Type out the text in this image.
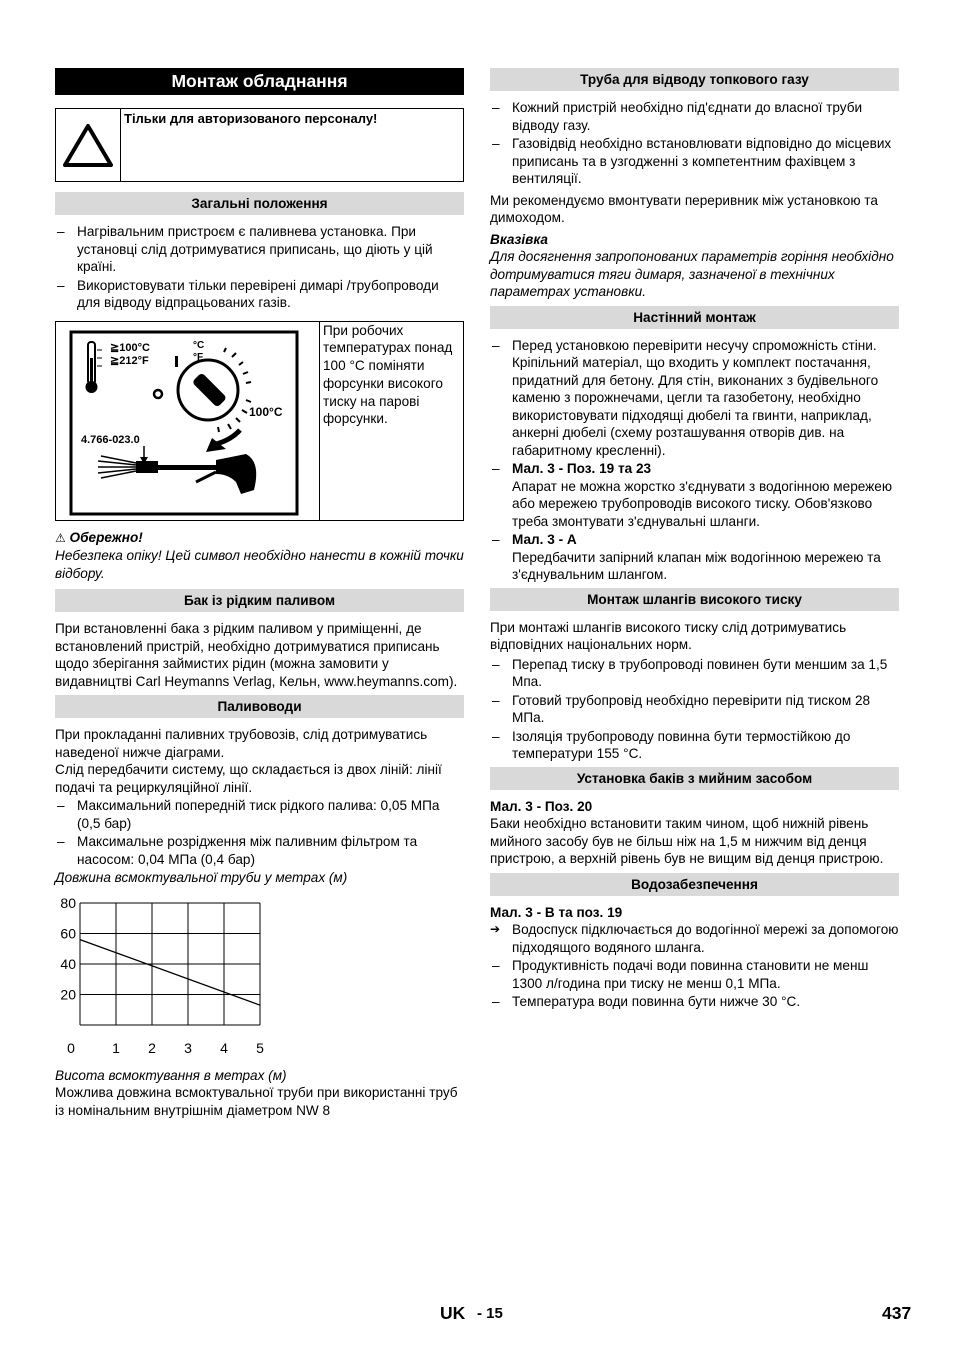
Монтаж обладнання
Тільки для авторизованого персоналу!
Загальні положення
– Нагрівальним пристроєм є паливнева установка. При установці слід дотримуватися приписань, що діють у цій країні.
– Використовувати тільки перевірені димарі /трубопроводи для відводу відпрацьованих газів.
≧100°C
≧212°F
°C
°F
100°C
4.766-023.0
При робочих температурах понад 100 °C поміняти форсунки високого тиску на парові форсунки.

⚠ Обережно!

Небезпека опіку! Цей символ необхідно нанести в кожній точки відбору.

Бак із рідким паливом

При встановленні бака з рідким паливом у приміщенні, де встановлений пристрій, необхідно дотримуватися приписань щодо зберігання займистих рідин (можна замовити у видавництві Carl Heymanns Verlag, Кельн, www.heymanns.com).

Паливоводи

При прокладанні паливних трубовозів, слід дотримуватись наведеної нижче діаграми.

Слід передбачити систему, що складається із двох ліній: лінії подачі та рециркуляційної лінії.

– Максимальний попередній тиск рідкого палива: 0,05 МПа (0,5 бар)
– Максимальне розрідження між паливним фільтром та насосом: 0,04 МПа (0,4 бар)

Довжина всмоктувальної труби у метрах (м)

20
40
60
80
0	1 2 3 4 5

Висота всмоктування в метрах (м)

Можлива довжина всмоктувальної труби при використанні труб із номінальним внутрішнім діаметром NW 8

Труба для відводу топкового газу
– Кожний пристрій необхідно під'єднати до власної труби відводу газу.
– Газовідвід необхідно встановлювати відповідно до місцевих приписань та в узгодженні з компетентним фахівцем з вентиляції.

Ми рекомендуємо вмонтувати переривник між установкою та димоходом.

Вказівка

Для досягнення запропонованих параметрів горіння необхідно дотримуватися тяги димаря, зазначеної в технічних параметрах установки.

Настінний монтаж
– Перед установкою перевірити несучу спроможність стіни. Кріпільний матеріал, що входить у комплект постачання, придатний для бетону. Для стін, виконаних з будівельного каменю з порожнечами, цегли та газобетону, необхідно використовувати підходящі дюбелі та гвинти, наприклад, анкерні дюбелі (схему розташування отворів див. на габаритному кресленні).
– Мал. 3 - Поз. 19 та 23
Апарат не можна жорстко з'єднувати з водогінною мережею або мережею трубопроводів високого тиску. Обов'язково треба змонтувати з'єднувальні шланги.
– Мал. 3 - A
Передбачити запірний клапан між водогінною мережею та з'єднувальним шлангом.
Монтаж шлангів високого тиску

При монтажі шлангів високого тиску слід дотримуватись відповідних національних норм.

– Перепад тиску в трубопроводі повинен бути меншим за 1,5 Мпа.
– Готовий трубопровід необхідно перевірити під тиском 28 МПа.
– Ізоляція трубопроводу повинна бути термостійкою до температури 155 °C.
Установка баків з мийним засобом

Мал. 3 - Поз. 20

Баки необхідно встановити таким чином, щоб нижній рівень мийного засобу був не більш ніж на 1,5 м нижчим від денця пристрою, а верхній рівень був не вищим від денця пристрою.

Водозабезпечення

Мал. 3 - B та поз. 19

➔ Водоспуск підключається до водогінної мережі за допомогою підходящого водяного шланга.
– Продуктивність подачі води повинна становити не менш 1300 л/година при тиску не менш 0,1 МПа.
– Температура води повинна бути нижче 30 °C.
UK - 15	437
